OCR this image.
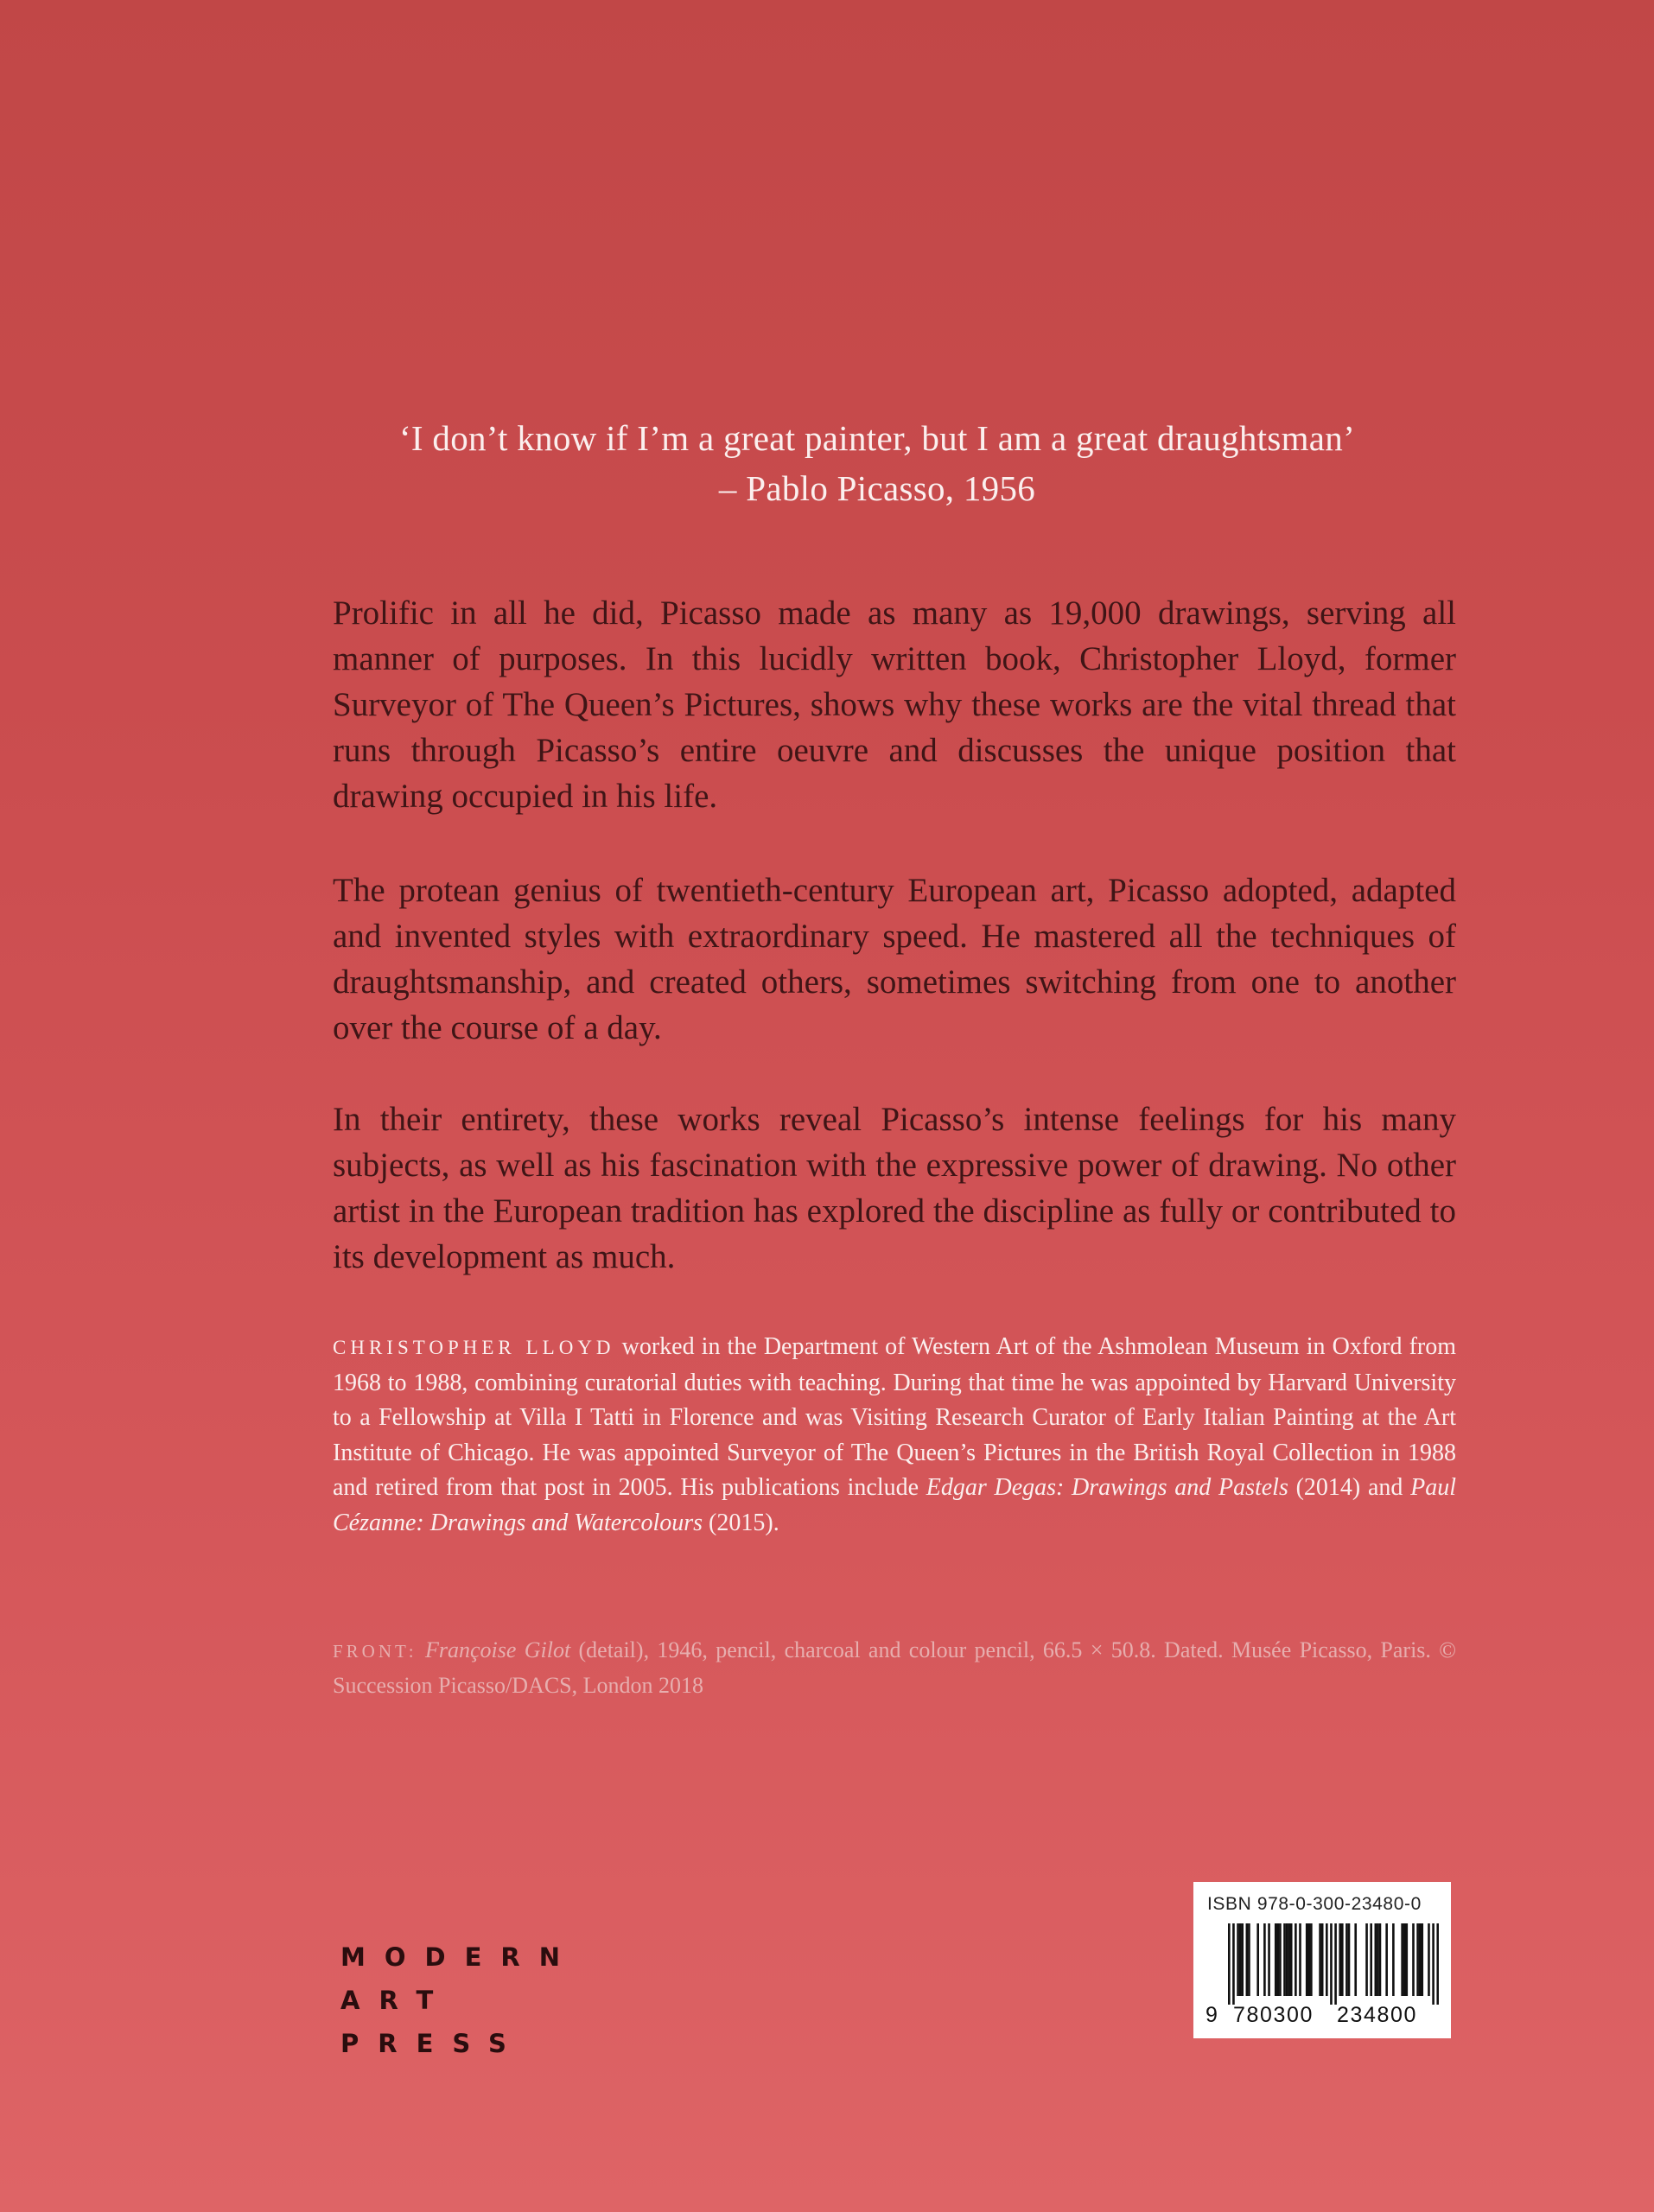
‘I don’t know if I’m a great painter, but I am a great draughtsman’
– Pablo Picasso, 1956

Prolific in all he did, Picasso made as many as 19,000 drawings, serving all manner of purposes. In this lucidly written book, Christopher Lloyd, former Surveyor of The Queen’s Pictures, shows why these works are the vital thread that runs through Picasso’s entire oeuvre and discusses the unique position that drawing occupied in his life.

The protean genius of twentieth-century European art, Picasso adopted, adapted and invented styles with extraordinary speed. He mastered all the techniques of draughtsmanship, and created others, sometimes switching from one to another over the course of a day.

In their entirety, these works reveal Picasso’s intense feelings for his many subjects, as well as his fascination with the expressive power of drawing. No other artist in the European tradition has explored the discipline as fully or contributed to its development as much.

CHRISTOPHER LLOYD worked in the Department of Western Art of the Ashmolean Museum in Oxford from 1968 to 1988, combining curatorial duties with teaching. During that time he was appointed by Harvard University to a Fellowship at Villa I Tatti in Florence and was Visiting Research Curator of Early Italian Painting at the Art Institute of Chicago. He was appointed Surveyor of The Queen’s Pictures in the British Royal Collection in 1988 and retired from that post in 2005. His publications include Edgar Degas: Drawings and Pastels (2014) and Paul Cézanne: Drawings and Watercolours (2015).

FRONT: Françoise Gilot (detail), 1946, pencil, charcoal and colour pencil, 66.5 × 50.8. Dated. Musée Picasso, Paris. © Succession Picasso/DACS, London 2018

MODERN
ART
PRESS
ISBN 978-0-300-23480-0
9 780300 234800
